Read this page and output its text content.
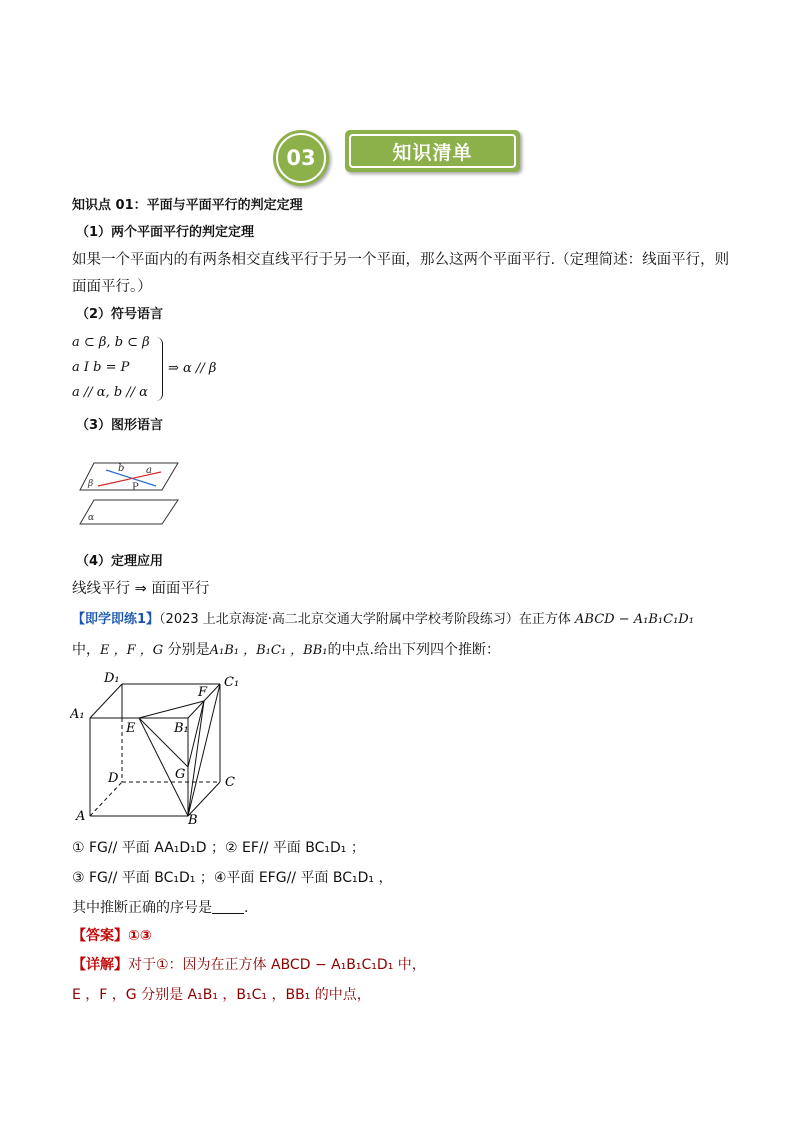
03	知识清单
知识点 01：平面与平面平行的判定定理
（1）两个平面平行的判定定理
如果一个平面内的有两条相交直线平行于另一个平面，那么这两个平面平行.（定理简述：线面平行，则面面平行。）
（2）符号语言
a ⊂ β, b ⊂ β
a I b = P
a // α, b // α
⇒ α // β
（3）图形语言
b a
β	P
α
（4）定理应用
线线平行 ⇒ 面面平行
【即学即练1】（2023 上北京海淀·高二北京交通大学附属中学校考阶段练习）在正方体 ABCD − A₁B₁C₁D₁
中，E ，F ，G 分别是A₁B₁ ，B₁C₁ ，BB₁的中点.给出下列四个推断：
D₁	C₁
F
A₁
E	B₁
G
D	C
A	B
① FG// 平面 AA₁D₁D ；② EF// 平面 BC₁D₁ ；
③ FG// 平面 BC₁D₁ ；④平面 EFG// 平面 BC₁D₁ ，
其中推断正确的序号是 .
【答案】①③
【详解】对于①：因为在正方体 ABCD − A₁B₁C₁D₁ 中，
E ，F ，G 分别是 A₁B₁ ，B₁C₁ ，BB₁ 的中点，
